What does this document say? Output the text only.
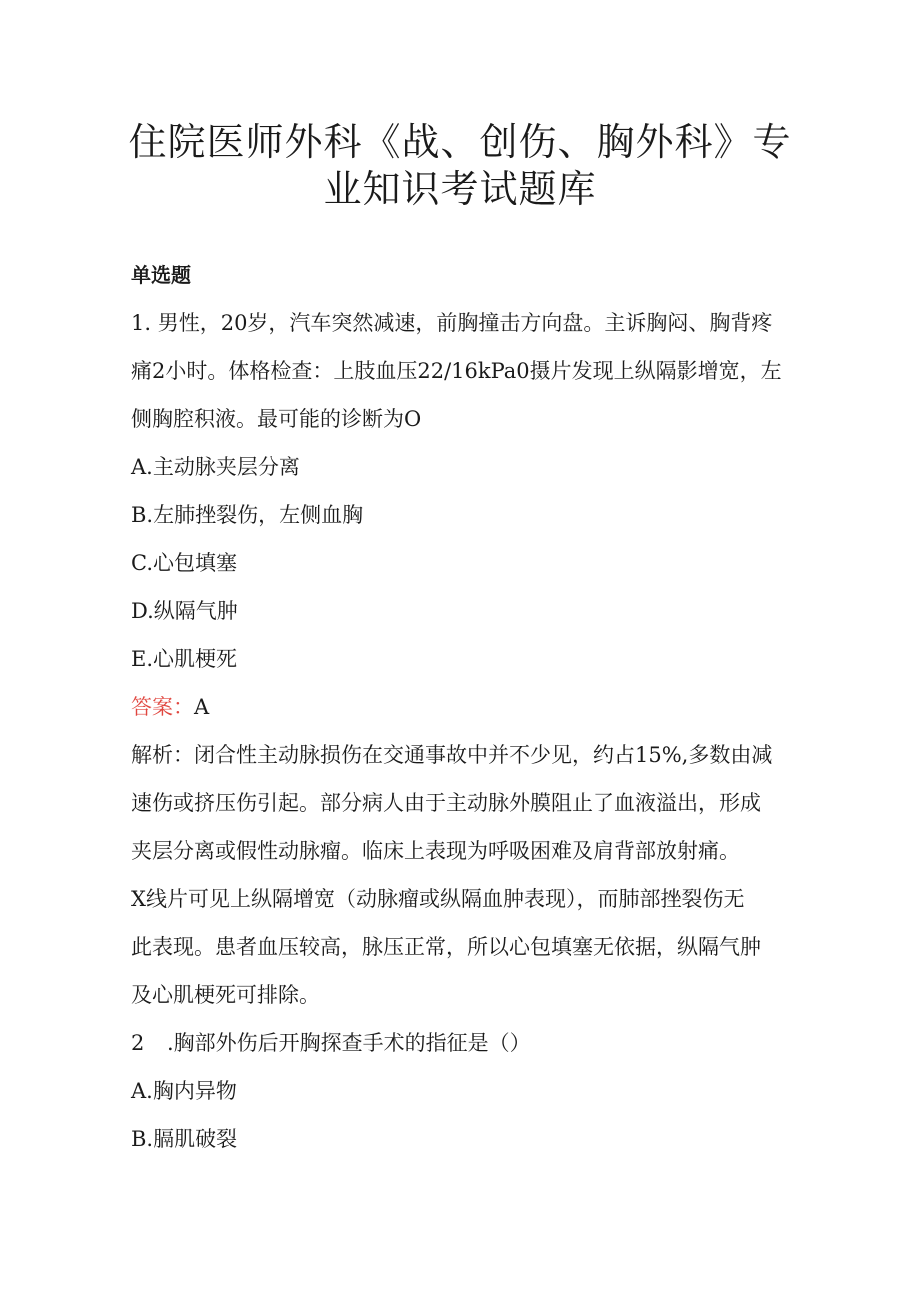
住院医师外科《战、创伤、胸外科》专
业知识考试题库

单选题

1. 男性，20岁，汽车突然减速，前胸撞击方向盘。主诉胸闷、胸背疼

痛2小时。体格检查：上肢血压22/16kPa0摄片发现上纵隔影增宽，左

侧胸腔积液。最可能的诊断为O

A.主动脉夹层分离

B.左肺挫裂伤，左侧血胸

C.心包填塞

D.纵隔气肿

E.心肌梗死

答案：A

解析：闭合性主动脉损伤在交通事故中并不少见，约占15%,多数由减

速伤或挤压伤引起。部分病人由于主动脉外膜阻止了血液溢出，形成

夹层分离或假性动脉瘤。临床上表现为呼吸困难及肩背部放射痛。

X线片可见上纵隔增宽（动脉瘤或纵隔血肿表现），而肺部挫裂伤无

此表现。患者血压较高，脉压正常，所以心包填塞无依据，纵隔气肿

及心肌梗死可排除。

2 .胸部外伤后开胸探查手术的指征是（）

A.胸内异物

B.膈肌破裂
